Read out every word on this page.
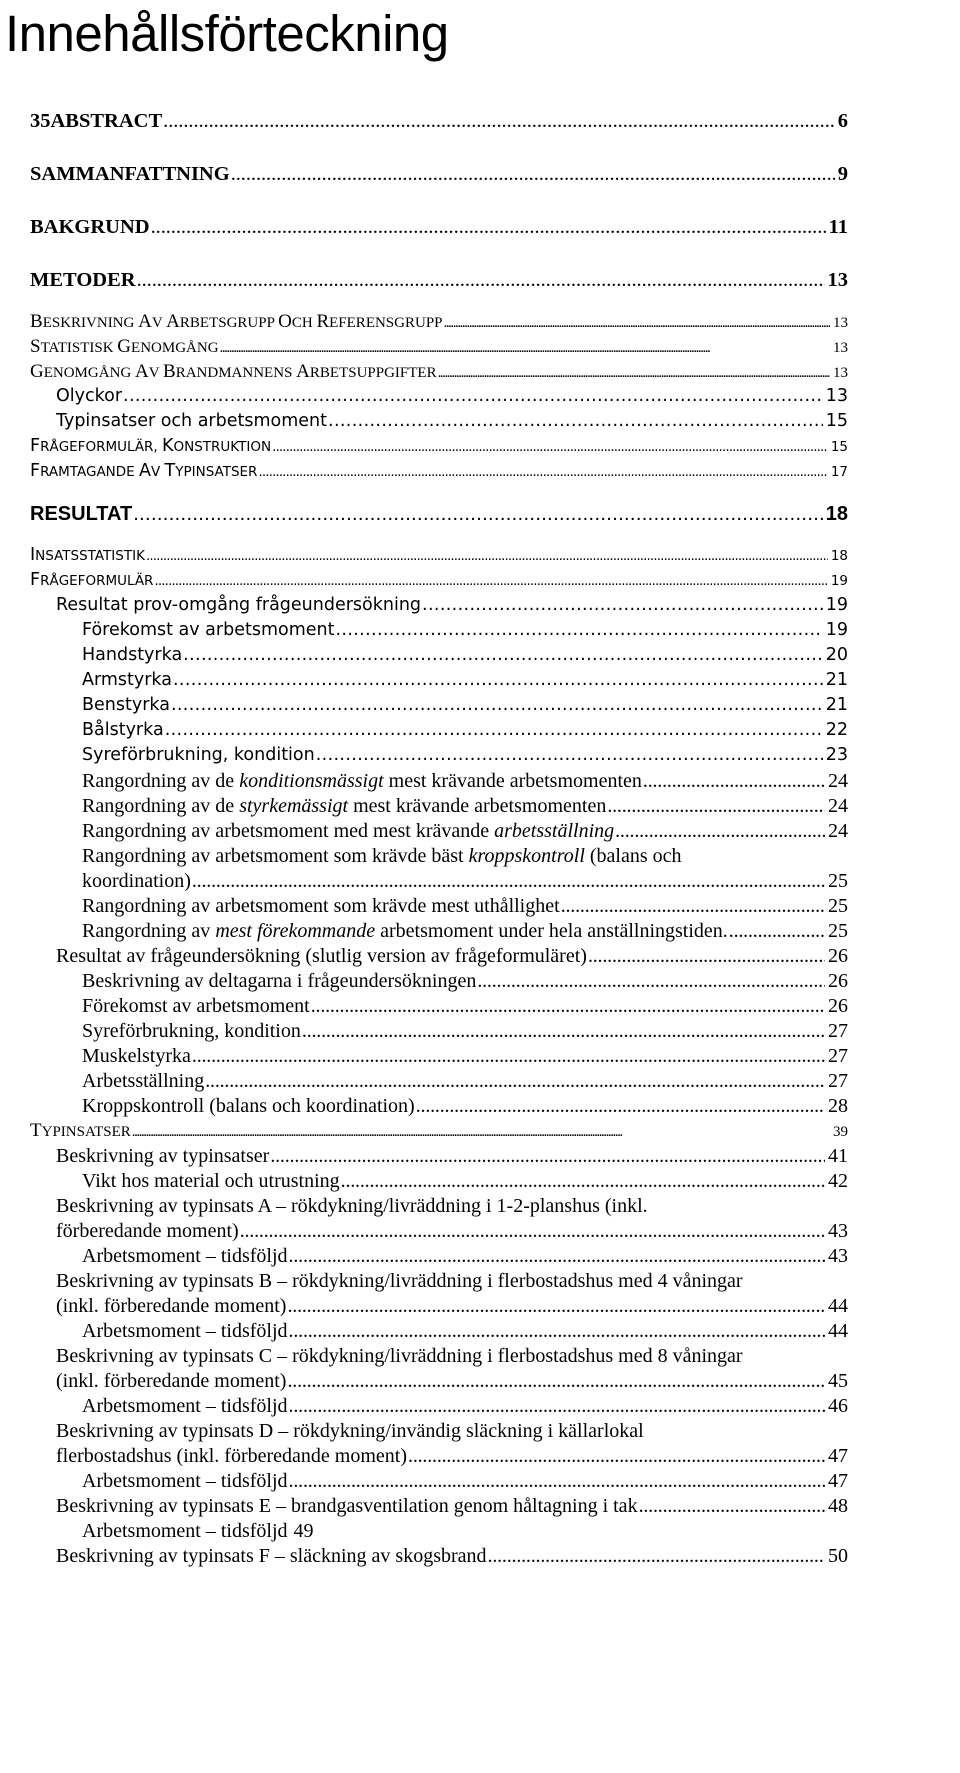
Innehållsförteckning
35ABSTRACT . . .	6
SAMMANFATTNING . . .	9
BAKGRUND . . .	11
METODER . . .	13
BESKRIVNING AV ARBETSGRUPP OCH REFERENSGRUPP . . .	13
STATISTISK GENOMGÅNG . . .	13
GENOMGÅNG AV BRANDMANNENS ARBETSUPPGIFTER . . .	13
Olyckor . . .	13
Typinsatser och arbetsmoment . . .	15
FRÅGEFORMULÄR, KONSTRUKTION . . .	15
FRAMTAGANDE AV TYPINSATSER . . .	17
RESULTAT . . .	18
INSATSSTATISTIK . . .	18
FRÅGEFORMULÄR . . .	19
Resultat prov-omgång frågeundersökning . . .	19
Förekomst av arbetsmoment . . .	19
Handstyrka . . .	20
Armstyrka . . .	21
Benstyrka . . .	21
Bålstyrka . . .	22
Syreförbrukning, kondition . . .	23
Rangordning av de konditionsmässigt mest krävande arbetsmomenten . . .	24
Rangordning av de styrkemässigt mest krävande arbetsmomenten . . .	24
Rangordning av arbetsmoment med mest krävande arbetsställning . . .	24
Rangordning av arbetsmoment som krävde bäst kroppskontroll (balans och
koordination) . . .	25
Rangordning av arbetsmoment som krävde mest uthållighet . . .	25
Rangordning av mest förekommande arbetsmoment under hela anställningstiden. . . .	25
Resultat av frågeundersökning (slutlig version av frågeformuläret) . . .	26
Beskrivning av deltagarna i frågeundersökningen . . .	26
Förekomst av arbetsmoment . . .	26
Syreförbrukning, kondition . . .	27
Muskelstyrka . . .	27
Arbetsställning . . .	27
Kroppskontroll (balans och koordination) . . .	28
TYPINSATSER . . .	39
Beskrivning av typinsatser . . .	41
Vikt hos material och utrustning . . .	42
Beskrivning av typinsats A – rökdykning/livräddning i 1-2-planshus (inkl.
förberedande moment) . . .	43
Arbetsmoment – tidsföljd . . .	43
Beskrivning av typinsats B – rökdykning/livräddning i flerbostadshus med 4 våningar
(inkl. förberedande moment) . . .	44
Arbetsmoment – tidsföljd . . .	44
Beskrivning av typinsats C – rökdykning/livräddning i flerbostadshus med 8 våningar
(inkl. förberedande moment) . . .	45
Arbetsmoment – tidsföljd . . .	46
Beskrivning av typinsats D – rökdykning/invändig släckning i källarlokal
flerbostadshus (inkl. förberedande moment) . . .	47
Arbetsmoment – tidsföljd . . .	47
Beskrivning av typinsats E – brandgasventilation genom håltagning i tak . . .	48
Arbetsmoment – tidsföljd 49
Beskrivning av typinsats F – släckning av skogsbrand . . .	50
